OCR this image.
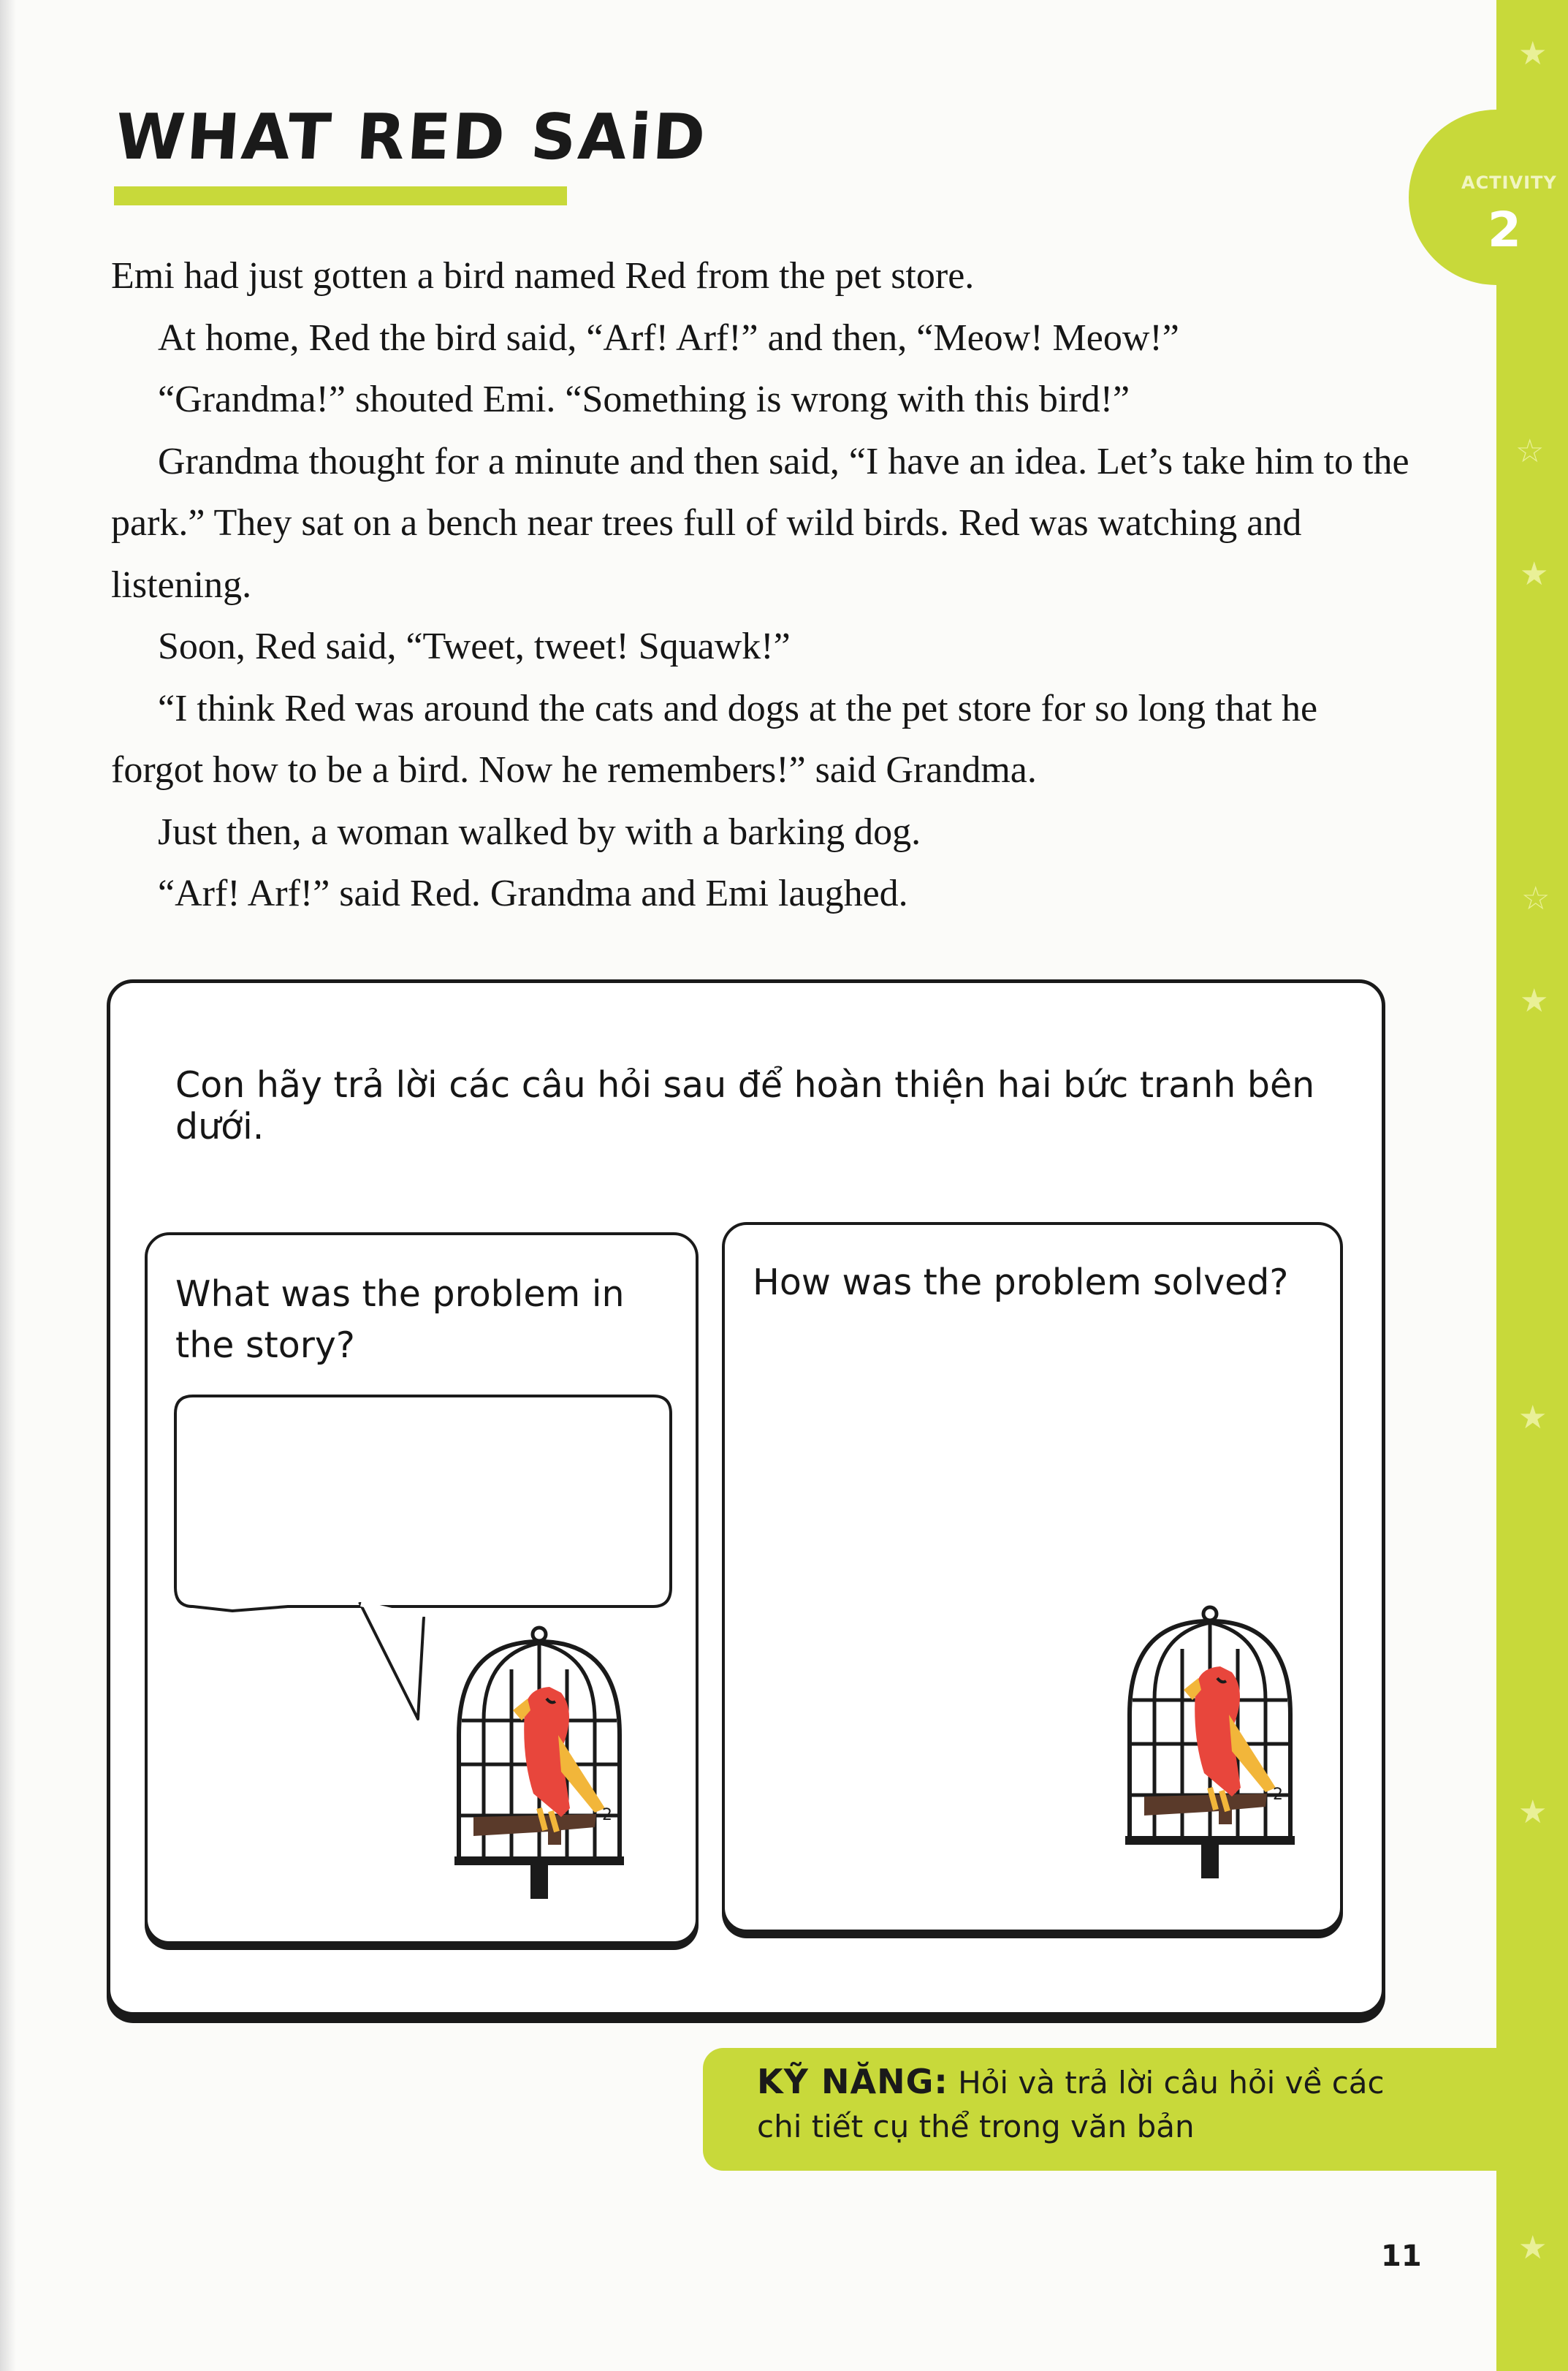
★
☆
★
☆
★
★
★
★
ACTIVITY
2
WHAT RED SAiD

Emi had just gotten a bird named Red from the pet store.

At home, Red the bird said, “Arf! Arf!” and then, “Meow! Meow!”

“Grandma!” shouted Emi. “Something is wrong with this bird!”

Grandma thought for a minute and then said, “I have an idea. Let’s take him to the park.” They sat on a bench near trees full of wild birds. Red was watching and listening.

Soon, Red said, “Tweet, tweet! Squawk!”

“I think Red was around the cats and dogs at the pet store for so long that he forgot how to be a bird. Now he remembers!” said Grandma.

Just then, a woman walked by with a barking dog.

“Arf! Arf!” said Red. Grandma and Emi laughed.

Con hãy trả lời các câu hỏi sau để hoàn thiện hai bức tranh bên dưới.
What was the problem in the story?
How was the problem solved?
2
2
KỸ NĂNG: Hỏi và trả lời câu hỏi về các chi tiết cụ thể trong văn bản
11
